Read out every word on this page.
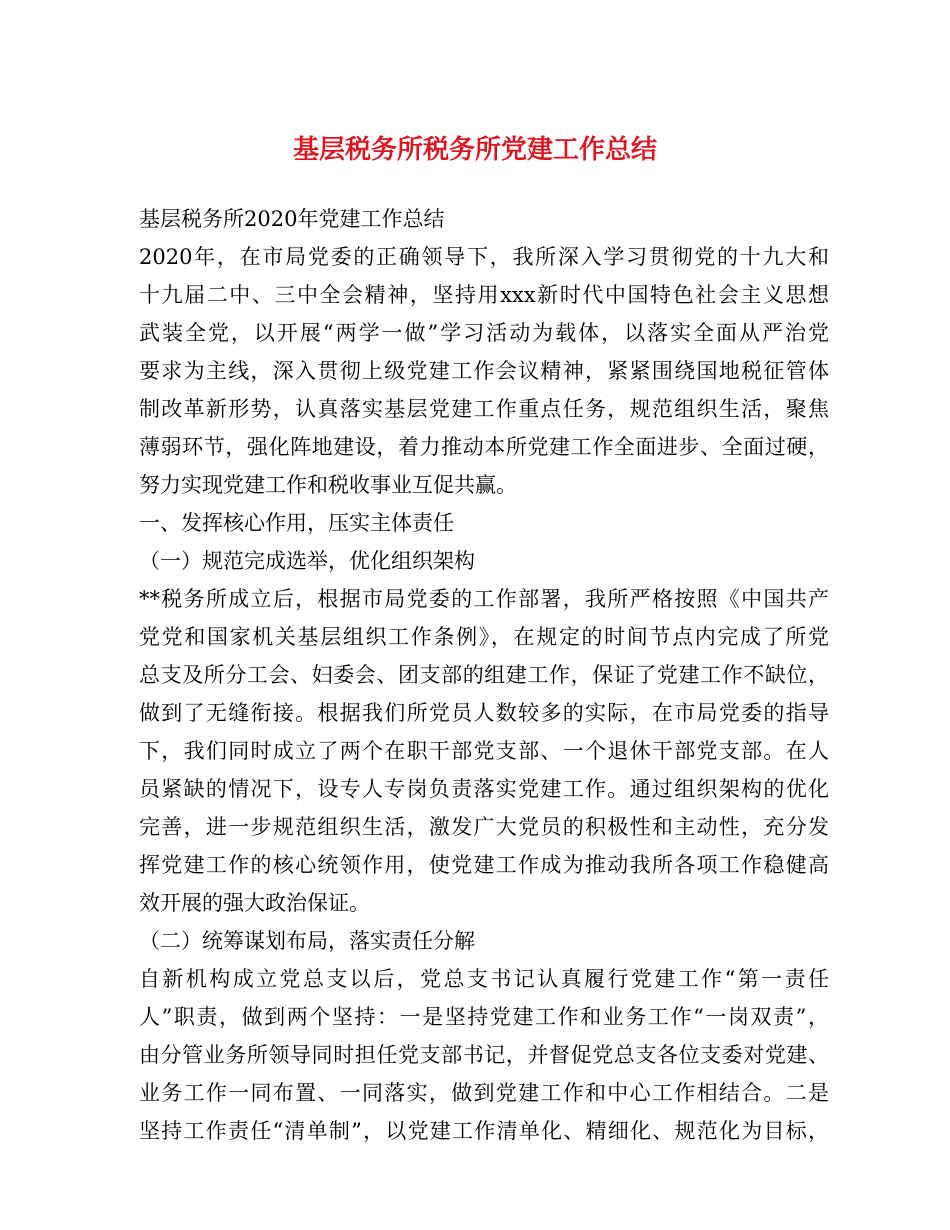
基层税务所税务所党建工作总结
基层税务所2020年党建工作总结
2020年，在市局党委的正确领导下，我所深入学习贯彻党的十九大和
十九届二中、三中全会精神，坚持用xxx新时代中国特色社会主义思想
武装全党，以开展“两学一做”学习活动为载体，以落实全面从严治党
要求为主线，深入贯彻上级党建工作会议精神，紧紧围绕国地税征管体
制改革新形势，认真落实基层党建工作重点任务，规范组织生活，聚焦
薄弱环节，强化阵地建设，着力推动本所党建工作全面进步、全面过硬，
努力实现党建工作和税收事业互促共赢。
一、发挥核心作用，压实主体责任
（一）规范完成选举，优化组织架构
**税务所成立后，根据市局党委的工作部署，我所严格按照《中国共产
党党和国家机关基层组织工作条例》，在规定的时间节点内完成了所党
总支及所分工会、妇委会、团支部的组建工作，保证了党建工作不缺位，
做到了无缝衔接。根据我们所党员人数较多的实际，在市局党委的指导
下，我们同时成立了两个在职干部党支部、一个退休干部党支部。在人
员紧缺的情况下，设专人专岗负责落实党建工作。通过组织架构的优化
完善，进一步规范组织生活，激发广大党员的积极性和主动性，充分发
挥党建工作的核心统领作用，使党建工作成为推动我所各项工作稳健高
效开展的强大政治保证。
（二）统筹谋划布局，落实责任分解
自新机构成立党总支以后，党总支书记认真履行党建工作“第一责任
人”职责，做到两个坚持：一是坚持党建工作和业务工作“一岗双责”，
由分管业务所领导同时担任党支部书记，并督促党总支各位支委对党建、
业务工作一同布置、一同落实，做到党建工作和中心工作相结合。二是
坚持工作责任“清单制”，以党建工作清单化、精细化、规范化为目标，
